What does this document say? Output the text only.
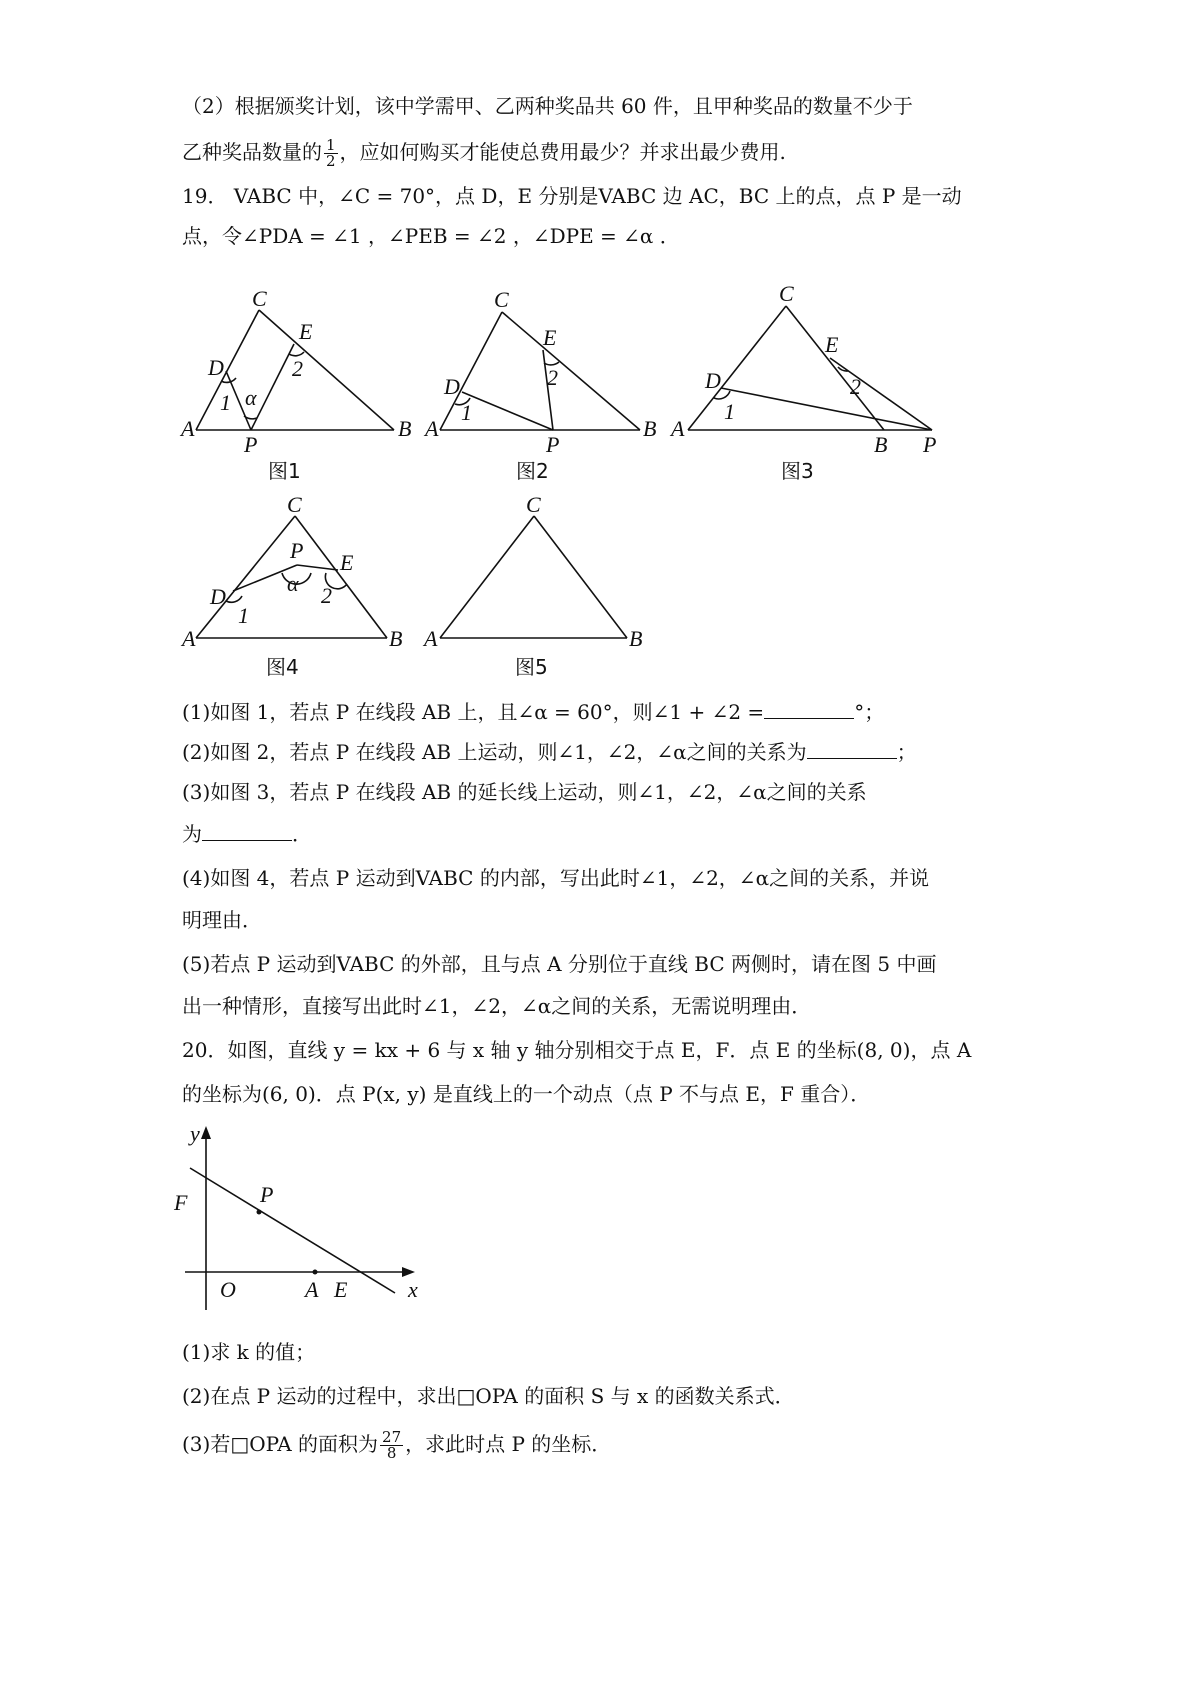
（2）根据颁奖计划，该中学需甲、乙两种奖品共 60 件，且甲种奖品的数量不少于
乙种奖品数量的 $\frac{1}{2}$ ，应如何购买才能使总费用最少？并求出最少费用.
19． VABC 中，∠C = 70°，点 D，E 分别是VABC 边 AC，BC 上的点，点 P 是一动
点，令∠PDA = ∠1 ，∠PEB = ∠2 ，∠DPE = ∠α ．
C
E
D	2
1 α
A
P
B
图1
C
E
D	2
1
A
P
B
图2
C
E
D	2
1
A
B P
图3
C
P E
D
α 2
1
A	B
图4
C
A	B
图5
(1)如图 1，若点 P 在线段 AB 上，且∠α = 60°，则∠1 + ∠2 =	°；
(2)如图 2，若点 P 在线段 AB 上运动，则∠1，∠2，∠α之间的关系为	；
(3)如图 3，若点 P 在线段 AB 的延长线上运动，则∠1，∠2，∠α之间的关系
为	．
(4)如图 4，若点 P 运动到VABC 的内部，写出此时∠1，∠2，∠α之间的关系，并说
明理由．
(5)若点 P 运动到VABC 的外部，且与点 A 分别位于直线 BC 两侧时，请在图 5 中画
出一种情形，直接写出此时∠1，∠2，∠α之间的关系，无需说明理由．
20．如图，直线 y = kx + 6 与 x 轴 y 轴分别相交于点 E，F．点 E 的坐标(8, 0)，点 A
的坐标为(6, 0)．点 P(x, y) 是直线上的一个动点（点 P 不与点 E，F 重合）．
y
x
F	P
O	A E
(1)求 k 的值；
(2)在点 P 运动的过程中，求出□OPA 的面积 S 与 x 的函数关系式．
(3)若□OPA 的面积为 $\frac{27}{8}$ ，求此时点 P 的坐标．
